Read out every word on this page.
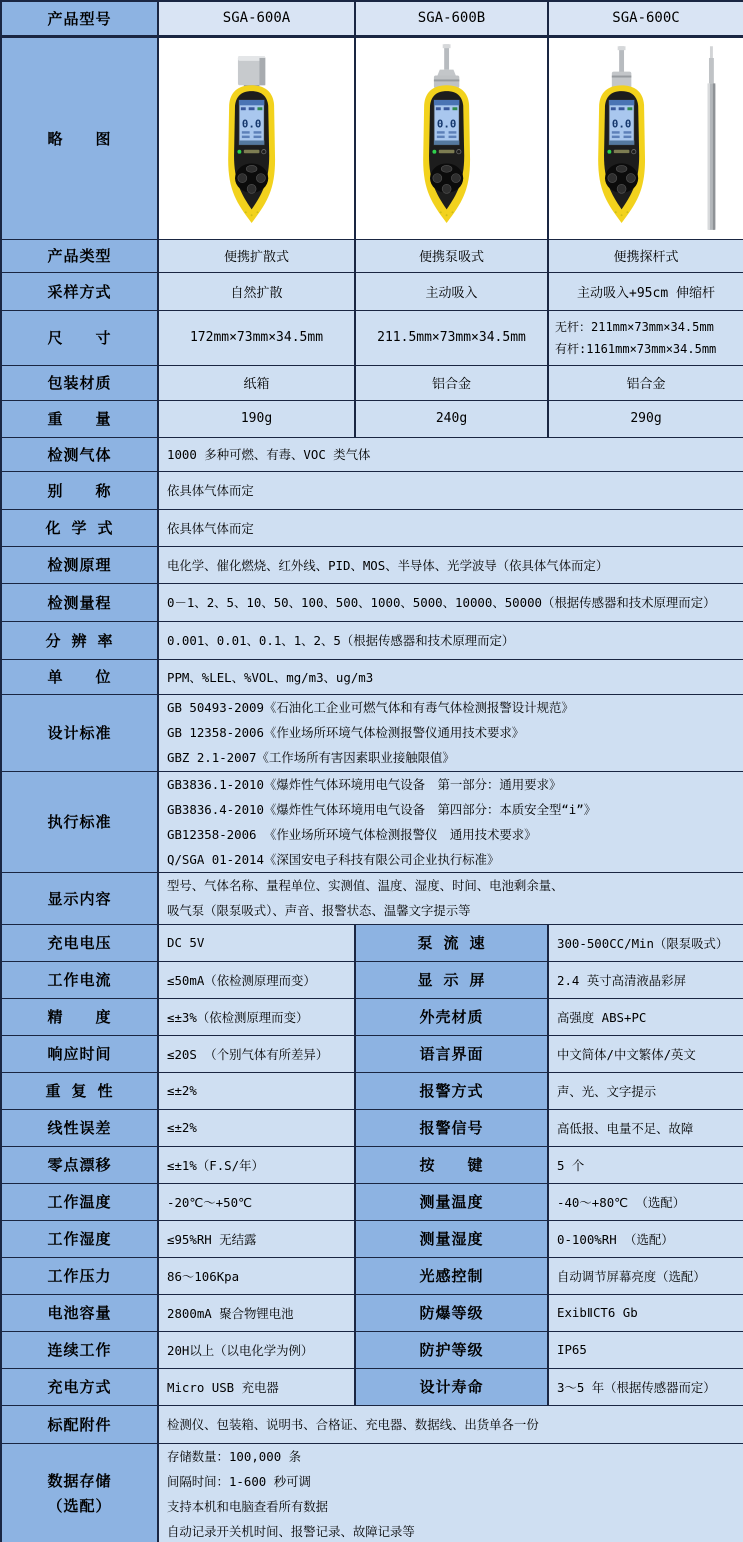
产品型号	SGA-600A	SGA-600B	SGA-600C
略　　图	0.0	0.0	0.0

产品类型	便携扩散式	便携泵吸式	便携探杆式
采样方式	自然扩散	主动吸入	主动吸入+95cm 伸缩杆
尺　　寸	172mm×73mm×34.5mm	211.5mm×73mm×34.5mm	无杆：211mm×73mm×34.5mm
有杆:1161mm×73mm×34.5mm

包装材质	纸箱	铝合金	铝合金
重　　量	190g	240g	290g
检测气体	1000 多种可燃、有毒、VOC 类气体		
别　　称	依具体气体而定		
化 学 式	依具体气体而定		
检测原理	电化学、催化燃烧、红外线、PID、MOS、半导体、光学波导（依具体气体而定）		
检测量程	0－1、2、5、10、50、100、500、1000、5000、10000、50000（根据传感器和技术原理而定）		
分 辨 率	0.001、0.01、0.1、1、2、5（根据传感器和技术原理而定）		
单　　位	PPM、%LEL、%VOL、mg/m3、ug/m3		
设计标准	GB 50493-2009《石油化工企业可燃气体和有毒气体检测报警设计规范》
GB 12358-2006《作业场所环境气体检测报警仪通用技术要求》
GBZ 2.1-2007《工作场所有害因素职业接触限值》		

执行标准	GB3836.1-2010《爆炸性气体环境用电气设备　第一部分：通用要求》
GB3836.4-2010《爆炸性气体环境用电气设备　第四部分：本质安全型“i”》
GB12358-2006 《作业场所环境气体检测报警仪　通用技术要求》
Q/SGA 01-2014《深国安电子科技有限公司企业执行标准》		

显示内容	型号、气体名称、量程单位、实测值、温度、湿度、时间、电池剩余量、
吸气泵（限泵吸式）、声音、报警状态、温馨文字提示等		

充电电压	DC 5V	泵 流 速	300-500CC/Min（限泵吸式）
工作电流	≤50mA（依检测原理而变）	显 示 屏	2.4 英寸高清液晶彩屏
精　　度	≤±3%（依检测原理而变）	外壳材质	高强度 ABS+PC
响应时间	≤20S （个别气体有所差异）	语言界面	中文简体/中文繁体/英文
重 复 性	≤±2%	报警方式	声、光、文字提示
线性误差	≤±2%	报警信号	高低报、电量不足、故障
零点漂移	≤±1%（F.S/年）	按　　键	5 个
工作温度	-20℃～+50℃	测量温度	-40～+80℃ （选配）
工作湿度	≤95%RH 无结露	测量湿度	0-100%RH （选配）
工作压力	86～106Kpa	光感控制	自动调节屏幕亮度（选配）
电池容量	2800mA 聚合物锂电池	防爆等级	ExibⅡCT6 Gb
连续工作	20H以上（以电化学为例）	防护等级	IP65
充电方式	Micro USB 充电器	设计寿命	3～5 年（根据传感器而定）
标配附件	检测仪、包装箱、说明书、合格证、充电器、数据线、出货单各一份		

数据存储
（选配）

存储数量：100,000 条
间隔时间：1-600 秒可调
支持本机和电脑查看所有数据
自动记录开关机时间、报警记录、故障记录等
